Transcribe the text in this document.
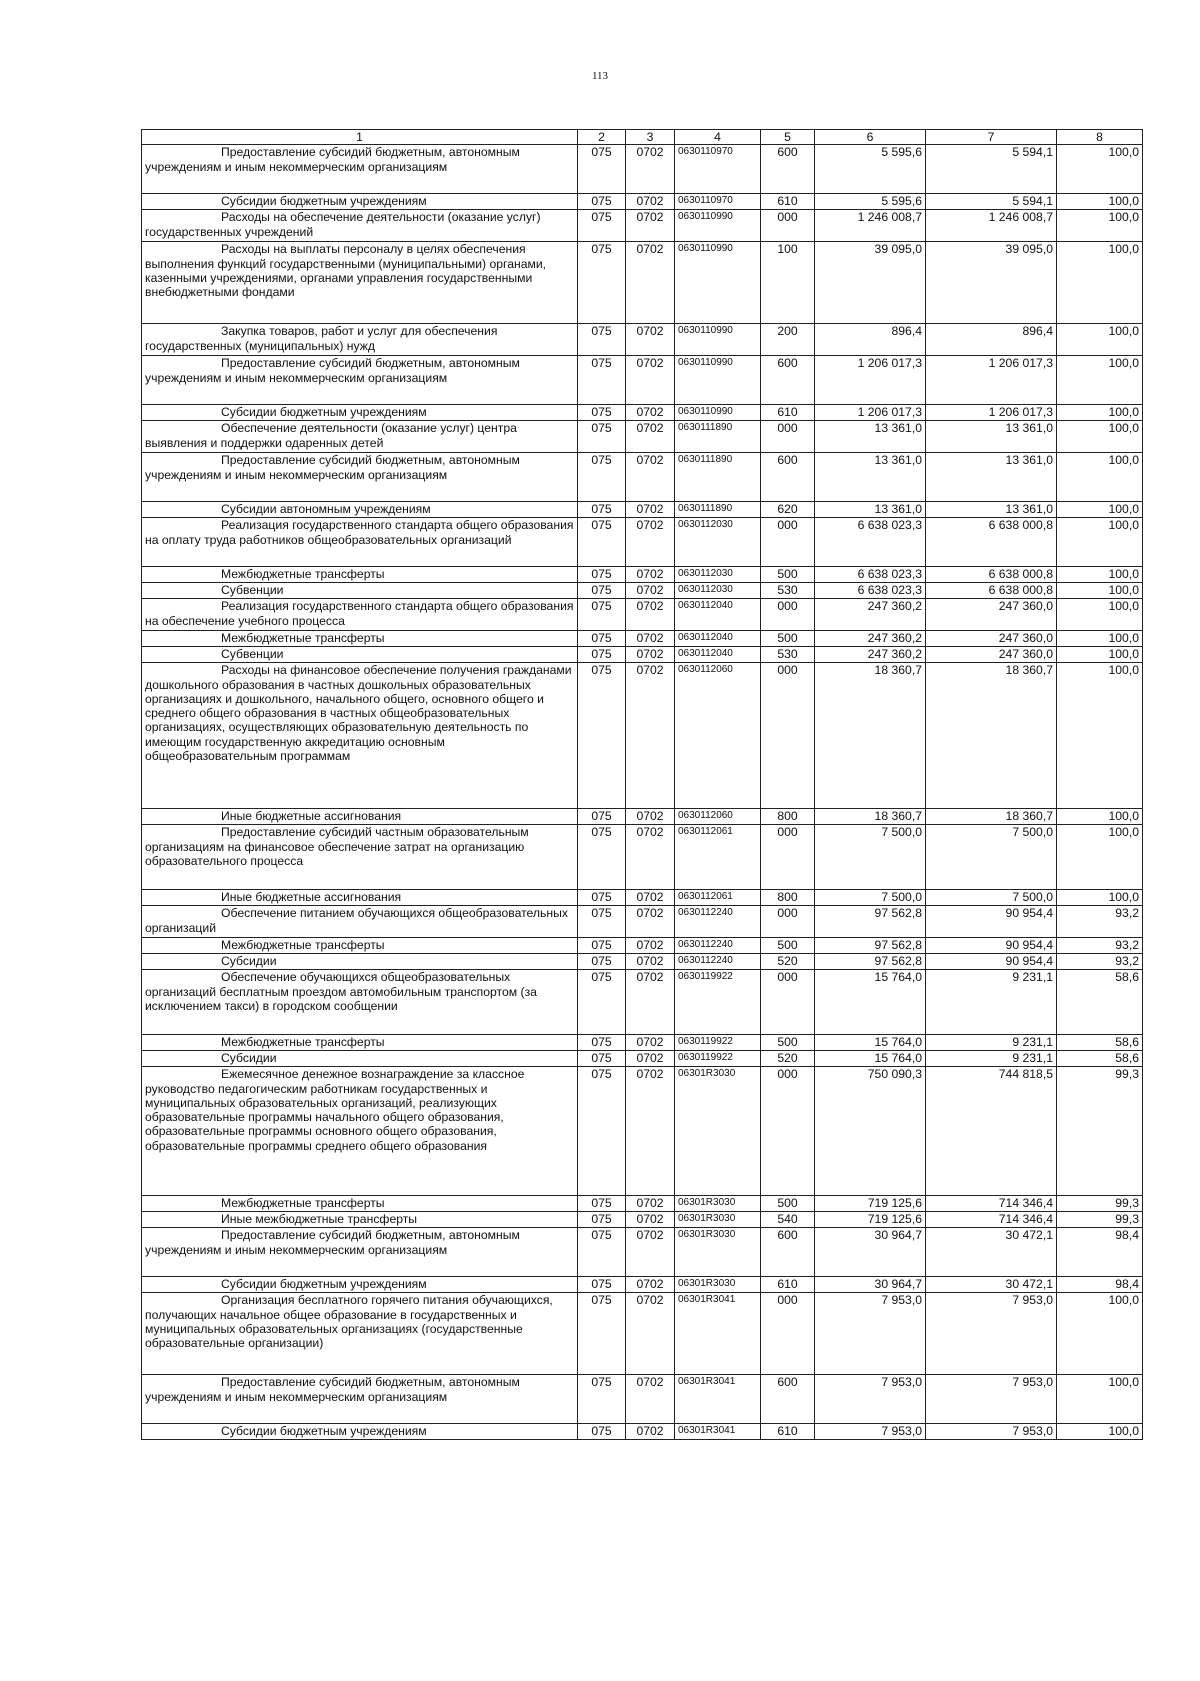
113
1	2	3	4	5	6	7	8
Предоставление субсидий бюджетным, автономным учреждениям и иным некоммерческим организациям	075	0702	0630110970	600	5 595,6	5 594,1	100,0
Субсидии бюджетным учреждениям	075	0702	0630110970	610	5 595,6	5 594,1	100,0
Расходы на обеспечение деятельности (оказание услуг) государственных учреждений	075	0702	0630110990	000	1 246 008,7	1 246 008,7	100,0
Расходы на выплаты персоналу в целях обеспечения выполнения функций государственными (муниципальными) органами, казенными учреждениями, органами управления государственными внебюджетными фондами	075	0702	0630110990	100	39 095,0	39 095,0	100,0
Закупка товаров, работ и услуг для обеспечения государственных (муниципальных) нужд	075	0702	0630110990	200	896,4	896,4	100,0
Предоставление субсидий бюджетным, автономным учреждениям и иным некоммерческим организациям	075	0702	0630110990	600	1 206 017,3	1 206 017,3	100,0
Субсидии бюджетным учреждениям	075	0702	0630110990	610	1 206 017,3	1 206 017,3	100,0
Обеспечение деятельности (оказание услуг) центра выявления и поддержки одаренных детей	075	0702	0630111890	000	13 361,0	13 361,0	100,0
Предоставление субсидий бюджетным, автономным учреждениям и иным некоммерческим организациям	075	0702	0630111890	600	13 361,0	13 361,0	100,0
Субсидии автономным учреждениям	075	0702	0630111890	620	13 361,0	13 361,0	100,0
Реализация государственного стандарта общего образования на оплату труда работников общеобразовательных организаций	075	0702	0630112030	000	6 638 023,3	6 638 000,8	100,0
Межбюджетные трансферты	075	0702	0630112030	500	6 638 023,3	6 638 000,8	100,0
Субвенции	075	0702	0630112030	530	6 638 023,3	6 638 000,8	100,0
Реализация государственного стандарта общего образования на обеспечение учебного процесса	075	0702	0630112040	000	247 360,2	247 360,0	100,0
Межбюджетные трансферты	075	0702	0630112040	500	247 360,2	247 360,0	100,0
Субвенции	075	0702	0630112040	530	247 360,2	247 360,0	100,0
Расходы на финансовое обеспечение получения гражданами дошкольного образования в частных дошкольных образовательных организациях и дошкольного, начального общего, основного общего и среднего общего образования в частных общеобразовательных организациях, осуществляющих образовательную деятельность по имеющим государственную аккредитацию основным общеобразовательным программам	075	0702	0630112060	000	18 360,7	18 360,7	100,0
Иные бюджетные ассигнования	075	0702	0630112060	800	18 360,7	18 360,7	100,0
Предоставление субсидий частным образовательным организациям на финансовое обеспечение затрат на организацию образовательного процесса	075	0702	0630112061	000	7 500,0	7 500,0	100,0
Иные бюджетные ассигнования	075	0702	0630112061	800	7 500,0	7 500,0	100,0
Обеспечение питанием обучающихся общеобразовательных организаций	075	0702	0630112240	000	97 562,8	90 954,4	93,2
Межбюджетные трансферты	075	0702	0630112240	500	97 562,8	90 954,4	93,2
Субсидии	075	0702	0630112240	520	97 562,8	90 954,4	93,2
Обеспечение обучающихся общеобразовательных организаций бесплатным проездом автомобильным транспортом (за исключением такси) в городском сообщении	075	0702	0630119922	000	15 764,0	9 231,1	58,6
Межбюджетные трансферты	075	0702	0630119922	500	15 764,0	9 231,1	58,6
Субсидии	075	0702	0630119922	520	15 764,0	9 231,1	58,6
Ежемесячное денежное вознаграждение за классное руководство педагогическим работникам государственных и муниципальных образовательных организаций, реализующих образовательные программы начального общего образования, образовательные программы основного общего образования, образовательные программы среднего общего образования	075	0702	06301R3030	000	750 090,3	744 818,5	99,3
Межбюджетные трансферты	075	0702	06301R3030	500	719 125,6	714 346,4	99,3
Иные межбюджетные трансферты	075	0702	06301R3030	540	719 125,6	714 346,4	99,3
Предоставление субсидий бюджетным, автономным учреждениям и иным некоммерческим организациям	075	0702	06301R3030	600	30 964,7	30 472,1	98,4
Субсидии бюджетным учреждениям	075	0702	06301R3030	610	30 964,7	30 472,1	98,4
Организация бесплатного горячего питания обучающихся, получающих начальное общее образование в государственных и муниципальных образовательных организациях (государственные образовательные организации)	075	0702	06301R3041	000	7 953,0	7 953,0	100,0
Предоставление субсидий бюджетным, автономным учреждениям и иным некоммерческим организациям	075	0702	06301R3041	600	7 953,0	7 953,0	100,0
Субсидии бюджетным учреждениям	075	0702	06301R3041	610	7 953,0	7 953,0	100,0
